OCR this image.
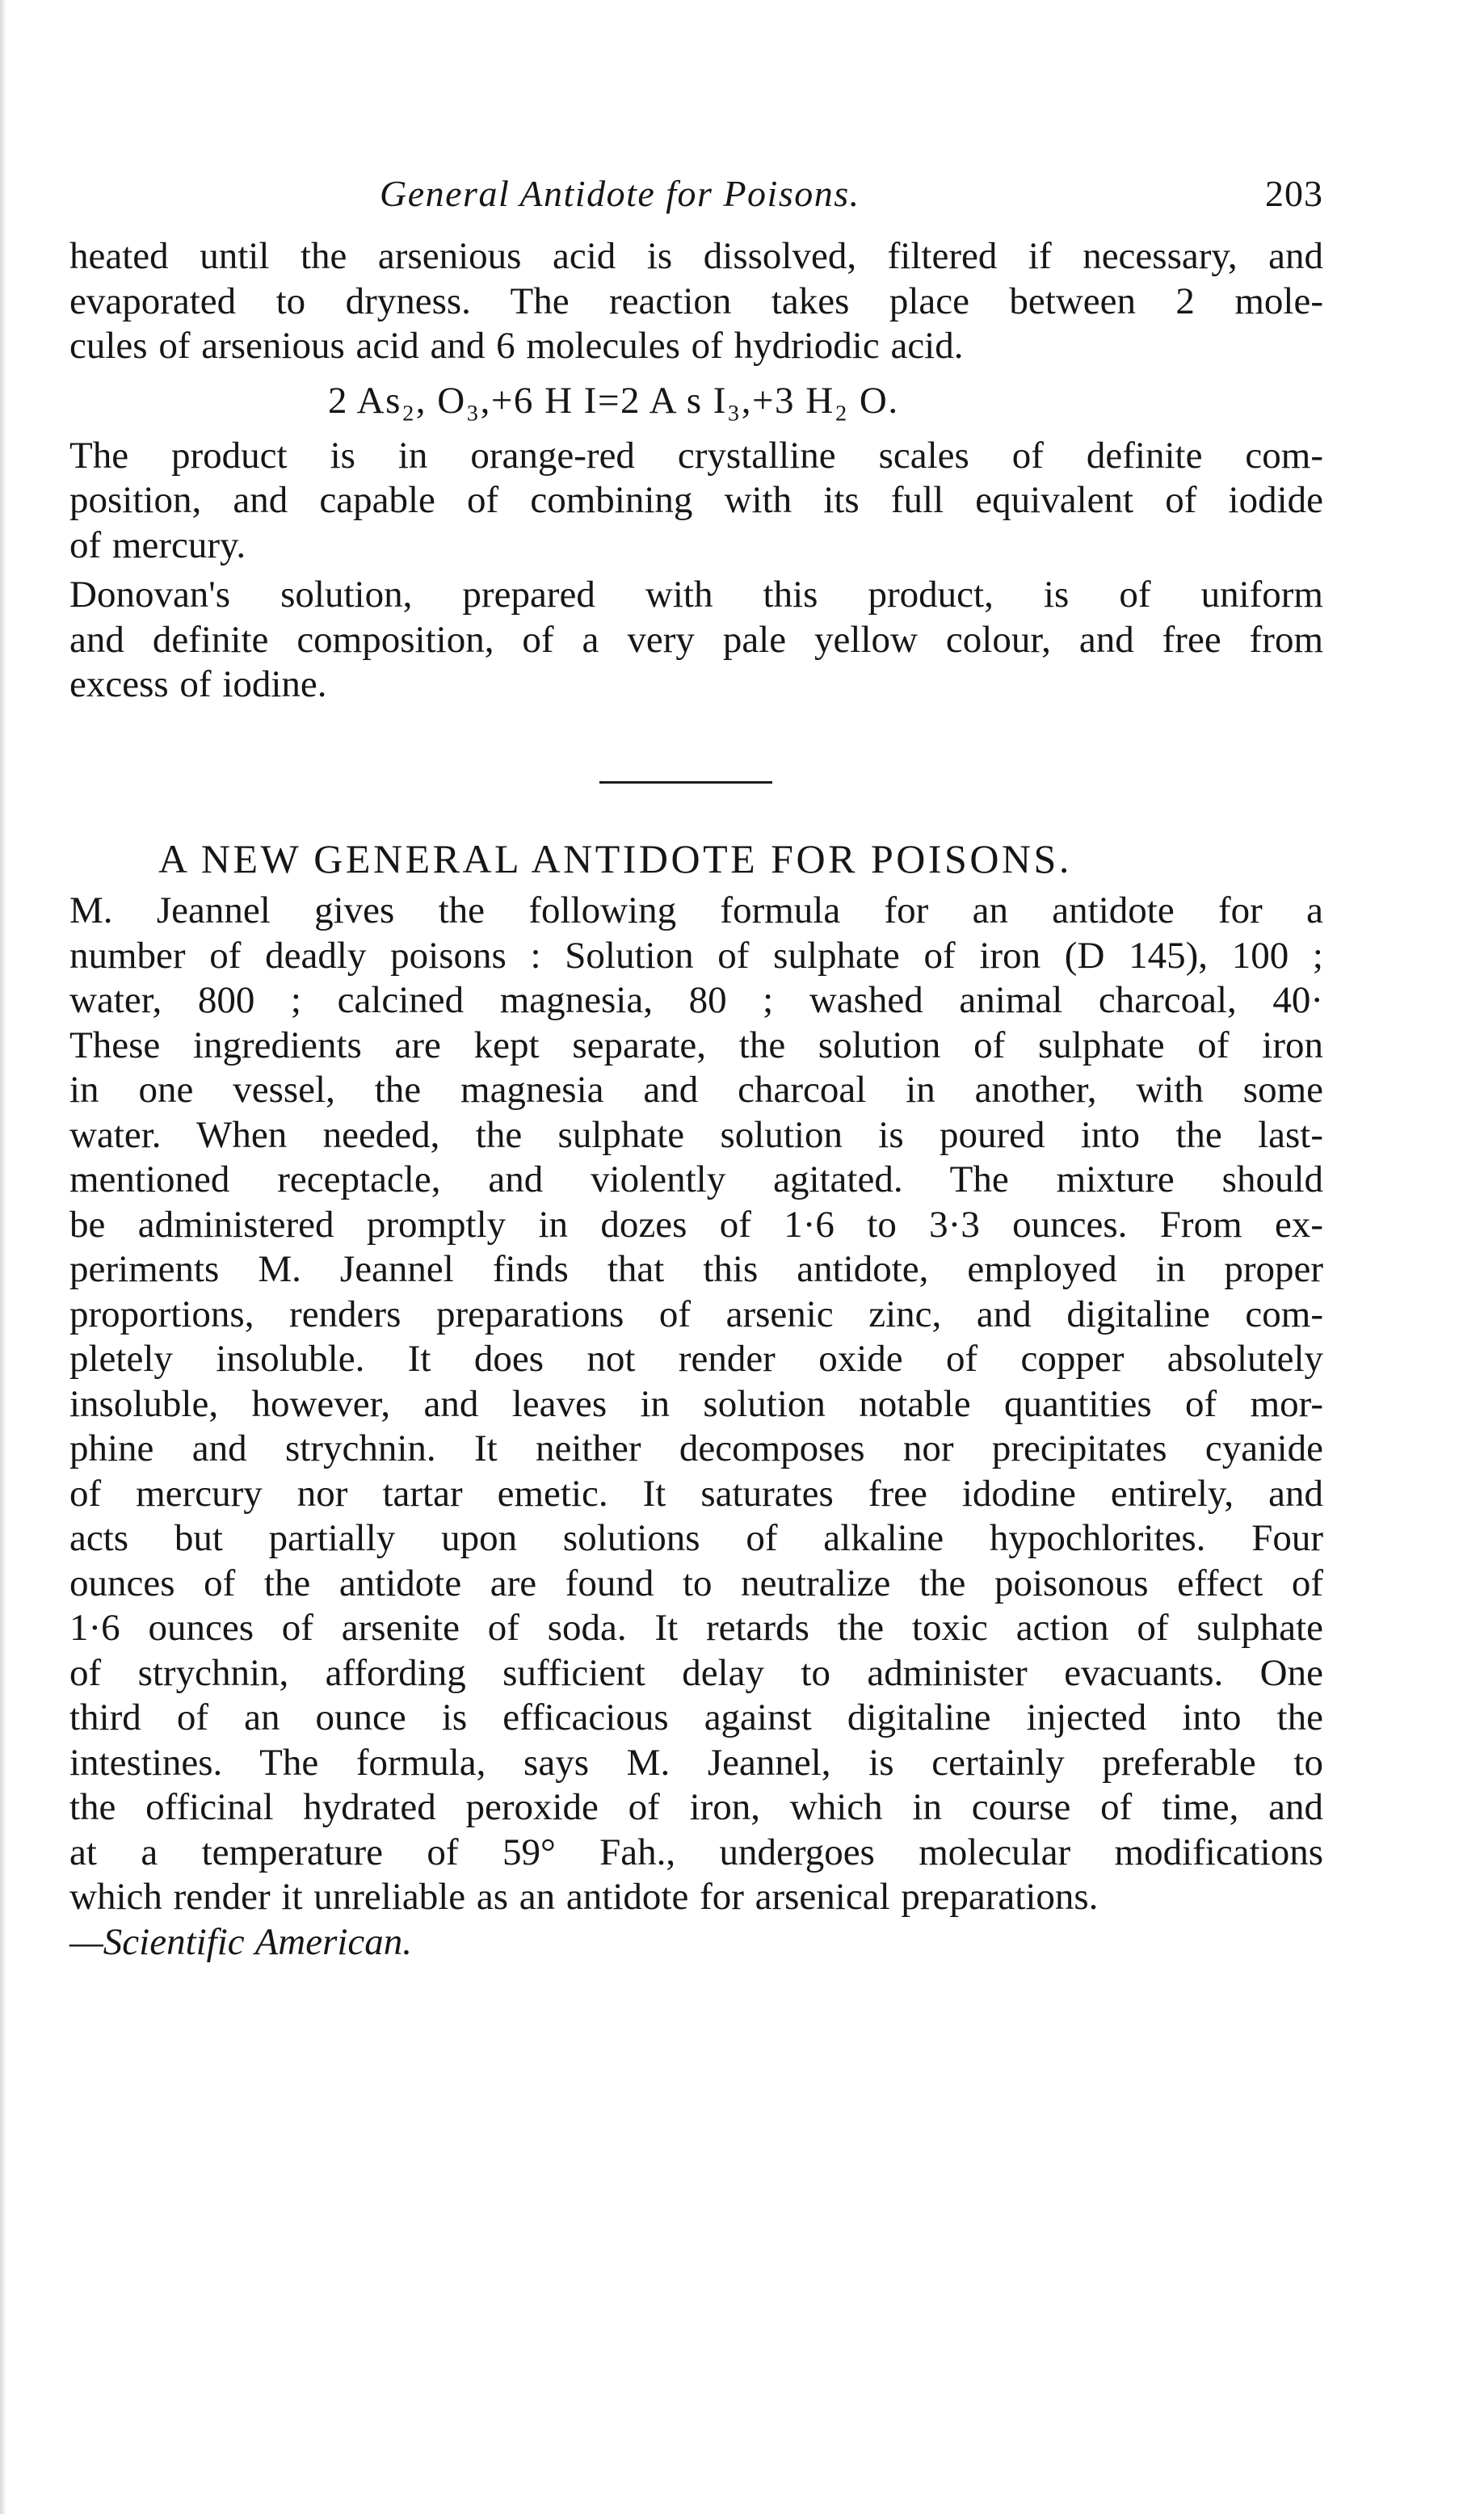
General Antidote for Poisons.	203
heated until the arsenious acid is dissolved, filtered if necessary, and
evaporated to dryness. The reaction takes place between 2 mole-
cules of arsenious acid and 6 molecules of hydriodic acid.
2 As₂, O₃,+6 H I=2 A s I₃,+3 H₂ O.
The product is in orange-red crystalline scales of definite com-
position, and capable of combining with its full equivalent of iodide
of mercury.
Donovan's solution, prepared with this product, is of uniform
and definite composition, of a very pale yellow colour, and free from
excess of iodine.
A NEW GENERAL ANTIDOTE FOR POISONS.
M. Jeannel gives the following formula for an antidote for a
number of deadly poisons : Solution of sulphate of iron (D 145), 100 ;
water, 800 ; calcined magnesia, 80 ; washed animal charcoal, 40·
These ingredients are kept separate, the solution of sulphate of iron
in one vessel, the magnesia and charcoal in another, with some
water. When needed, the sulphate solution is poured into the last-
mentioned receptacle, and violently agitated. The mixture should
be administered promptly in dozes of 1·6 to 3·3 ounces. From ex-
periments M. Jeannel finds that this antidote, employed in proper
proportions, renders preparations of arsenic zinc, and digitaline com-
pletely insoluble. It does not render oxide of copper absolutely
insoluble, however, and leaves in solution notable quantities of mor-
phine and strychnin. It neither decomposes nor precipitates cyanide
of mercury nor tartar emetic. It saturates free idodine entirely, and
acts but partially upon solutions of alkaline hypochlorites. Four
ounces of the antidote are found to neutralize the poisonous effect of
1·6 ounces of arsenite of soda. It retards the toxic action of sulphate
of strychnin, affording sufficient delay to administer evacuants. One
third of an ounce is efficacious against digitaline injected into the
intestines. The formula, says M. Jeannel, is certainly preferable to
the officinal hydrated peroxide of iron, which in course of time, and
at a temperature of 59° Fah., undergoes molecular modifications
which render it unreliable as an antidote for arsenical preparations.
—Scientific American.
